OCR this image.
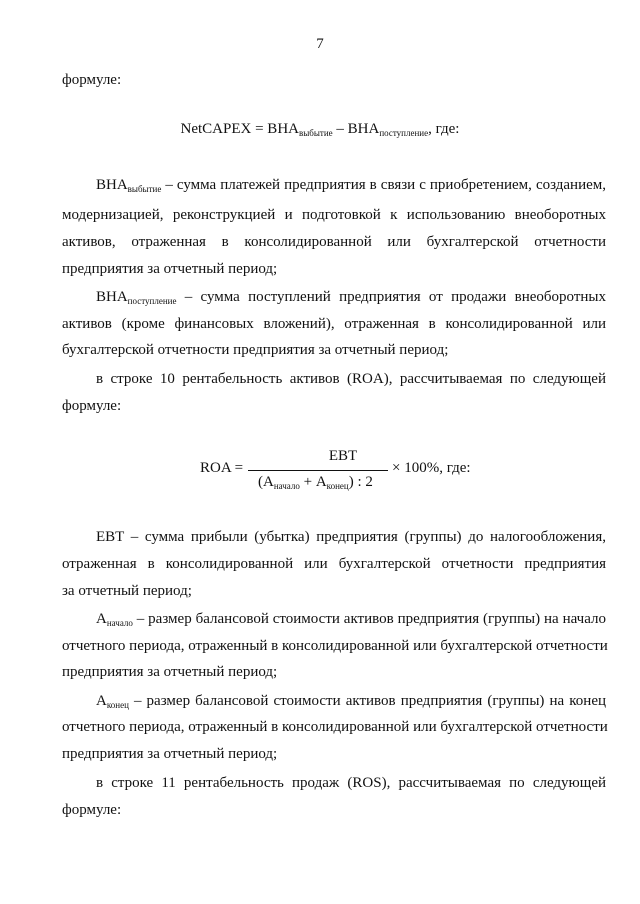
7
формуле:
NetCAPEX = $ВНА_{выбытие} - ВНА_{поступление}$, где:
$ВНА_{выбытие}$ – сумма платежей предприятия в связи с приобретением, созданием,
модернизацией, реконструкцией и подготовкой к использованию внеоборотных
активов, отраженная в консолидированной или бухгалтерской отчетности
предприятия за отчетный период;
$ВНА_{поступление}$ – сумма поступлений предприятия от продажи внеоборотных
активов (кроме финансовых вложений), отраженная в консолидированной или
бухгалтерской отчетности предприятия за отчетный период;
в строке 10 рентабельность активов (ROA), рассчитываемая по следующей
формуле:
ROA =
EBT
$(А_{начало} + А_{конец})$ : 2
× 100%, где:
EBT – сумма прибыли (убытка) предприятия (группы) до налогообложения,
отраженная в консолидированной или бухгалтерской отчетности предприятия
за отчетный период;
$А_{начало}$ – размер балансовой стоимости активов предприятия (группы) на начало
отчетного периода, отраженный в консолидированной или бухгалтерской отчетности
предприятия за отчетный период;
$А_{конец}$ – размер балансовой стоимости активов предприятия (группы) на конец
отчетного периода, отраженный в консолидированной или бухгалтерской отчетности
предприятия за отчетный период;
в строке 11 рентабельность продаж (ROS), рассчитываемая по следующей
формуле:
